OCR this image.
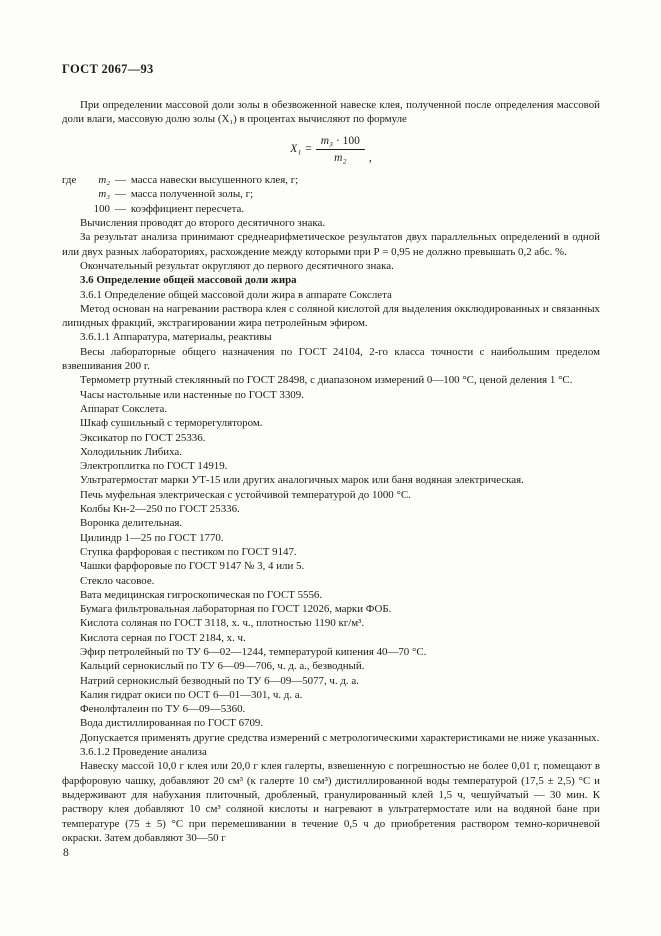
ГОСТ 2067—93

При определении массовой доли золы в обезвоженной навеске клея, полученной после определения массовой доли влаги, массовую долю золы (X₁) в процентах вычисляют по формуле

$X_1 = \frac{\text{m₃ · 100}}{\text{m₂}}$ ,
где	m₂ — масса навески высушенного клея, г;
m₃ — масса полученной золы, г;
100 — коэффициент пересчета.

Вычисления проводят до второго десятичного знака.

За результат анализа принимают среднеарифметическое результатов двух параллельных определений в одной или двух разных лабораториях, расхождение между которыми при Р = 0,95 не должно превышать 0,2 абс. %.

Окончательный результат округляют до первого десятичного знака.

3.6 Определение общей массовой доли жира

3.6.1 Определение общей массовой доли жира в аппарате Сокслета

Метод основан на нагревании раствора клея с соляной кислотой для выделения окклюдированных и связанных липидных фракций, экстрагировании жира петролейным эфиром.

3.6.1.1 Аппаратура, материалы, реактивы

Весы лабораторные общего назначения по ГОСТ 24104, 2-го класса точности с наибольшим пределом взвешивания 200 г.

Термометр ртутный стеклянный по ГОСТ 28498, с диапазоном измерений 0—100 °С, ценой деления 1 °С.

Часы настольные или настенные по ГОСТ 3309.

Аппарат Сокслета.

Шкаф сушильный с терморегулятором.

Эксикатор по ГОСТ 25336.

Холодильник Либиха.

Электроплитка по ГОСТ 14919.

Ультратермостат марки УТ-15 или других аналогичных марок или баня водяная электрическая.

Печь муфельная электрическая с устойчивой температурой до 1000 °С.

Колбы Кн-2—250 по ГОСТ 25336.

Воронка делительная.

Цилиндр 1—25 по ГОСТ 1770.

Ступка фарфоровая с пестиком по ГОСТ 9147.

Чашки фарфоровые по ГОСТ 9147 № 3, 4 или 5.

Стекло часовое.

Вата медицинская гигроскопическая по ГОСТ 5556.

Бумага фильтровальная лабораторная по ГОСТ 12026, марки ФОБ.

Кислота соляная по ГОСТ 3118, х. ч., плотностью 1190 кг/м³.

Кислота серная по ГОСТ 2184, х. ч.

Эфир петролейный по ТУ 6—02—1244, температурой кипения 40—70 °С.

Кальций сернокислый по ТУ 6—09—706, ч. д. а., безводный.

Натрий сернокислый безводный по ТУ 6—09—5077, ч. д. а.

Калия гидрат окиси по ОСТ 6—01—301, ч. д. а.

Фенолфталеин по ТУ 6—09—5360.

Вода дистиллированная по ГОСТ 6709.

Допускается применять другие средства измерений с метрологическими характеристиками не ниже указанных.

3.6.1.2 Проведение анализа

Навеску массой 10,0 г клея или 20,0 г клея галерты, взвешенную с погрешностью не более 0,01 г, помещают в фарфоровую чашку, добавляют 20 см³ (к галерте 10 см³) дистиллированной воды температурой (17,5 ± 2,5) °С и выдерживают для набухания плиточный, дробленый, гранулированный клей 1,5 ч, чешуйчатый — 30 мин. К раствору клея добавляют 10 см³ соляной кислоты и нагревают в ультратермостате или на водяной бане при температуре (75 ± 5) °С при перемешивании в течение 0,5 ч до приобретения раствором темно-коричневой окраски. Затем добавляют 30—50 г

8
